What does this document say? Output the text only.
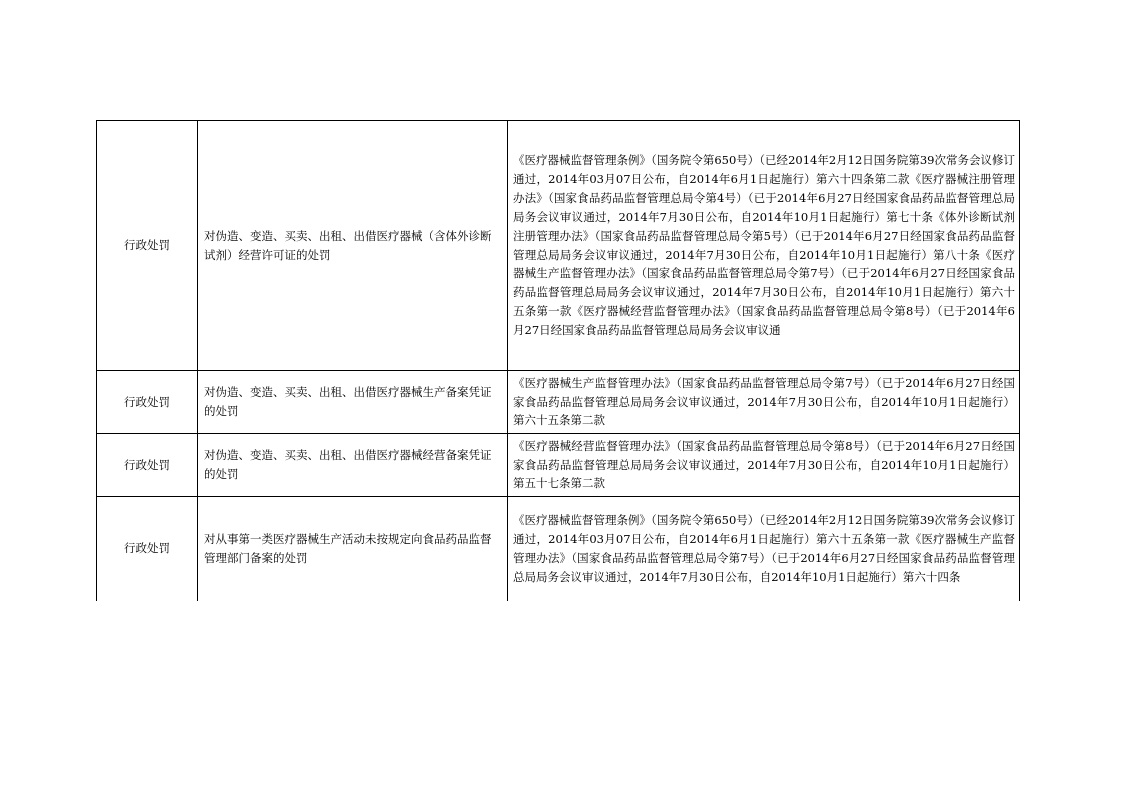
行政处罚	对伪造、变造、买卖、出租、出借医疗器械（含体外诊断试剂）经营许可证的处罚	《医疗器械监督管理条例》（国务院令第650号）（已经2014年2月12日国务院第39次常务会议修订通过，2014年03月07日公布，自2014年6月1日起施行）第六十四条第二款《医疗器械注册管理办法》（国家食品药品监督管理总局令第4号）（已于2014年6月27日经国家食品药品监督管理总局局务会议审议通过，2014年7月30日公布，自2014年10月1日起施行）第七十条《体外诊断试剂注册管理办法》（国家食品药品监督管理总局令第5号）（已于2014年6月27日经国家食品药品监督管理总局局务会议审议通过，2014年7月30日公布，自2014年10月1日起施行）第八十条《医疗器械生产监督管理办法》（国家食品药品监督管理总局令第7号）（已于2014年6月27日经国家食品药品监督管理总局局务会议审议通过，2014年7月30日公布，自2014年10月1日起施行）第六十五条第一款《医疗器械经营监督管理办法》（国家食品药品监督管理总局令第8号）（已于2014年6月27日经国家食品药品监督管理总局局务会议审议通
行政处罚	对伪造、变造、买卖、出租、出借医疗器械生产备案凭证的处罚	《医疗器械生产监督管理办法》（国家食品药品监督管理总局令第7号）（已于2014年6月27日经国家食品药品监督管理总局局务会议审议通过，2014年7月30日公布，自2014年10月1日起施行）第六十五条第二款
行政处罚	对伪造、变造、买卖、出租、出借医疗器械经营备案凭证的处罚	《医疗器械经营监督管理办法》（国家食品药品监督管理总局令第8号）（已于2014年6月27日经国家食品药品监督管理总局局务会议审议通过，2014年7月30日公布，自2014年10月1日起施行）第五十七条第二款
行政处罚	对从事第一类医疗器械生产活动未按规定向食品药品监督管理部门备案的处罚	《医疗器械监督管理条例》（国务院令第650号）（已经2014年2月12日国务院第39次常务会议修订通过，2014年03月07日公布，自2014年6月1日起施行）第六十五条第一款《医疗器械生产监督管理办法》（国家食品药品监督管理总局令第7号）（已于2014年6月27日经国家食品药品监督管理总局局务会议审议通过，2014年7月30日公布，自2014年10月1日起施行）第六十四条
